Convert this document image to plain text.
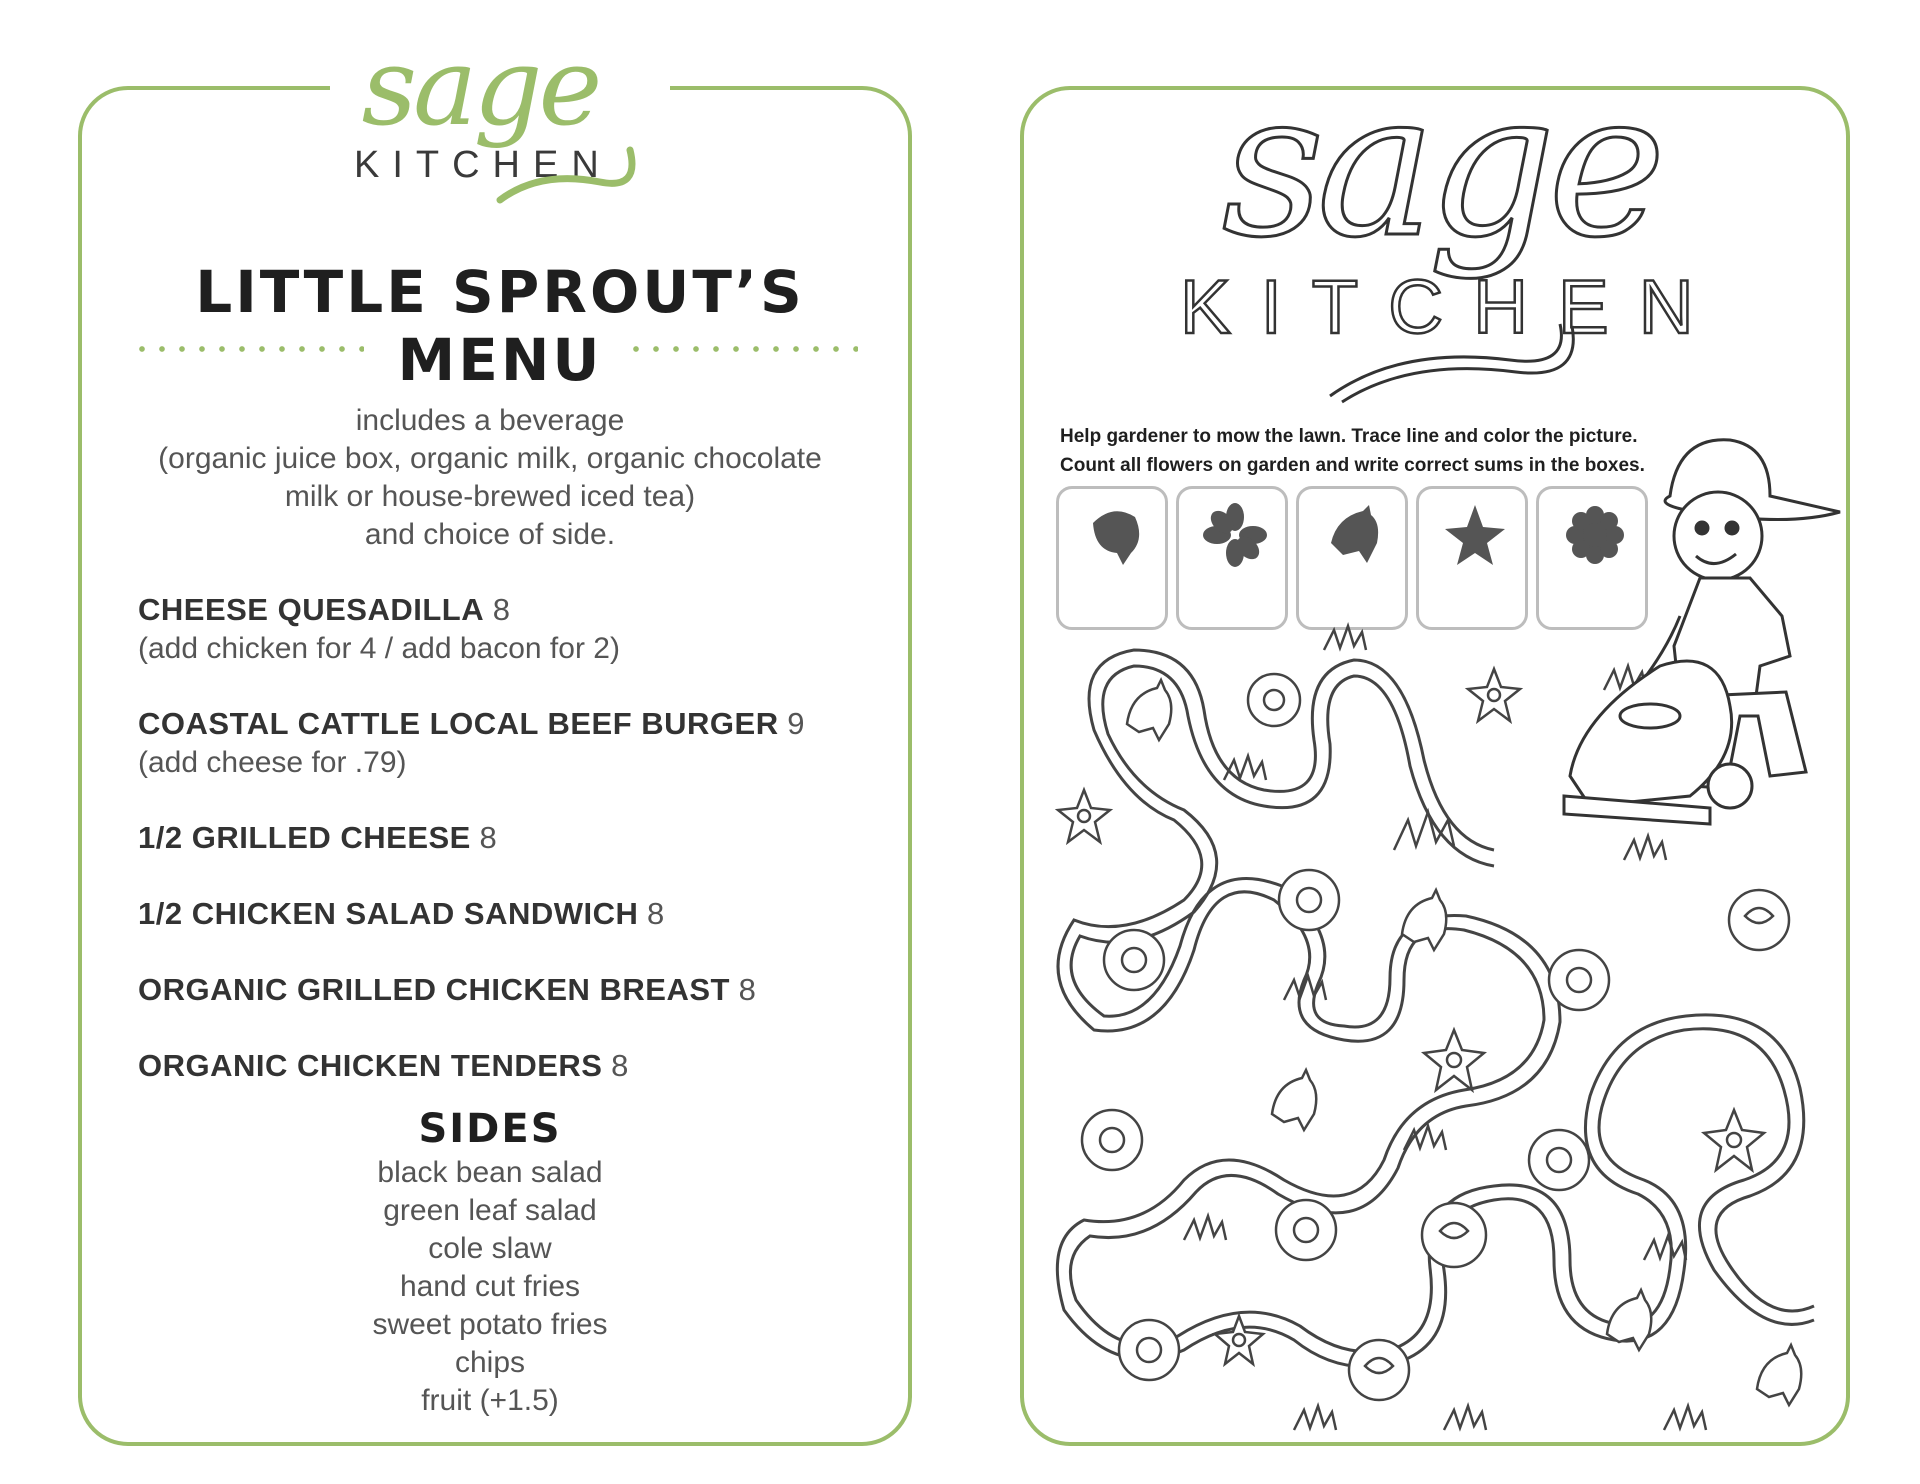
sage
KITCHEN
LITTLE SPROUT’S
MENU
includes a beverage
(organic juice box, organic milk, organic chocolate
milk or house-brewed iced tea)
and choice of side.
CHEESE QUESADILLA 8
(add chicken for 4 / add bacon for 2)
COASTAL CATTLE LOCAL BEEF BURGER 9
(add cheese for .79)
1/2 GRILLED CHEESE 8
1/2 CHICKEN SALAD SANDWICH 8
ORGANIC GRILLED CHICKEN BREAST 8
ORGANIC CHICKEN TENDERS 8
SIDES
black bean salad
green leaf salad
cole slaw
hand cut fries
sweet potato fries
chips
fruit (+1.5)
sage
KITCHEN
Help gardener to mow the lawn. Trace line and color the picture.
Count all flowers on garden and write correct sums in the boxes.
